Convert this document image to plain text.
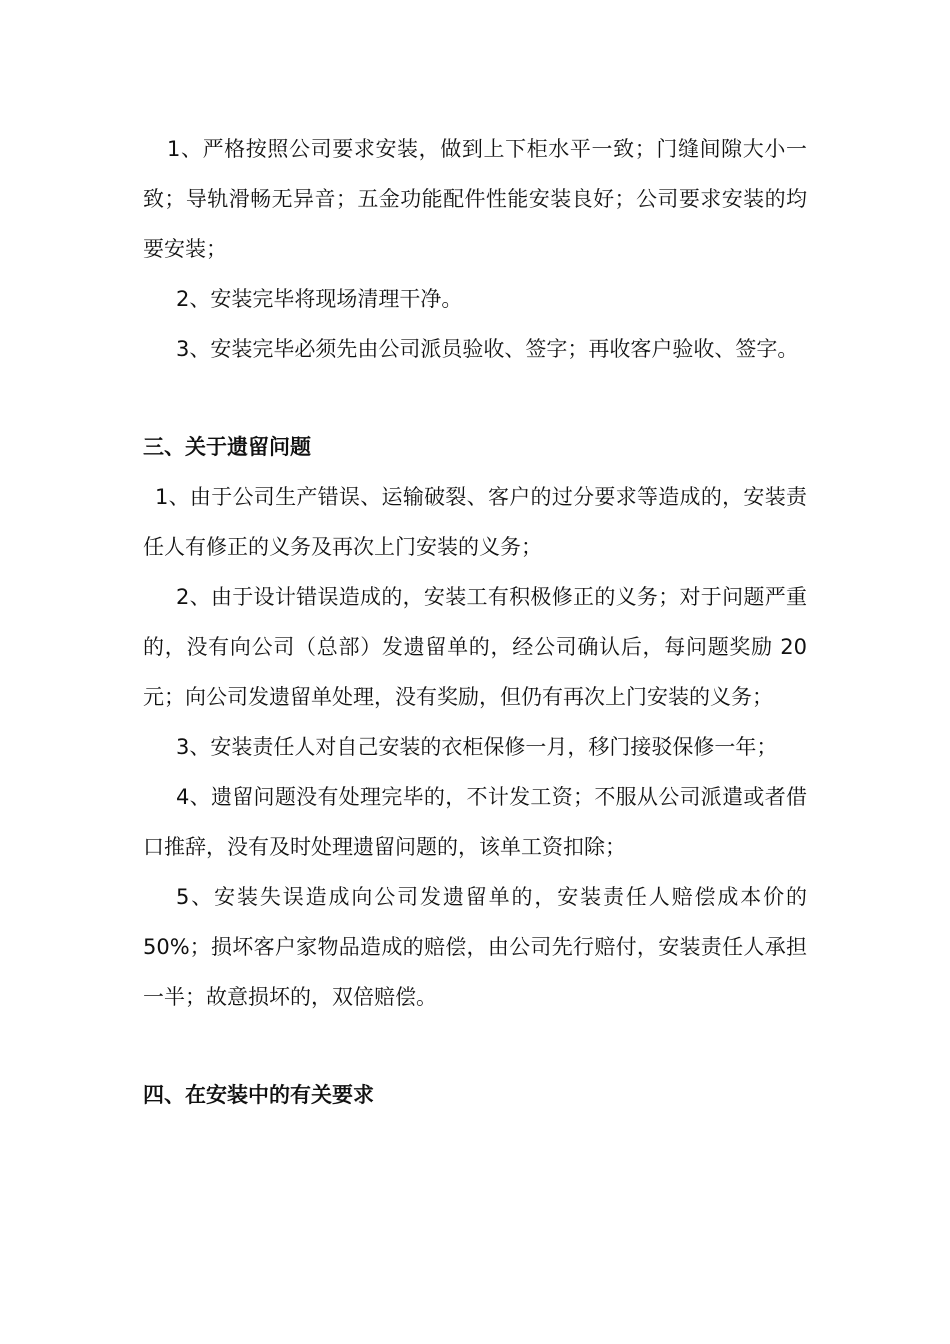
1、严格按照公司要求安装，做到上下柜水平一致；门缝间隙大小一致；导轨滑畅无异音；五金功能配件性能安装良好；公司要求安装的均要安装；

2、安装完毕将现场清理干净。

3、安装完毕必须先由公司派员验收、签字；再收客户验收、签字。

三、关于遗留问题

1、由于公司生产错误、运输破裂、客户的过分要求等造成的，安装责任人有修正的义务及再次上门安装的义务；

2、由于设计错误造成的，安装工有积极修正的义务；对于问题严重的，没有向公司（总部）发遗留单的，经公司确认后，每问题奖励 20 元；向公司发遗留单处理，没有奖励，但仍有再次上门安装的义务；

3、安装责任人对自己安装的衣柜保修一月，移门接驳保修一年；

4、遗留问题没有处理完毕的，不计发工资；不服从公司派遣或者借口推辞，没有及时处理遗留问题的，该单工资扣除；

5、安装失误造成向公司发遗留单的，安装责任人赔偿成本价的 50%；损坏客户家物品造成的赔偿，由公司先行赔付，安装责任人承担一半；故意损坏的，双倍赔偿。

四、在安装中的有关要求
